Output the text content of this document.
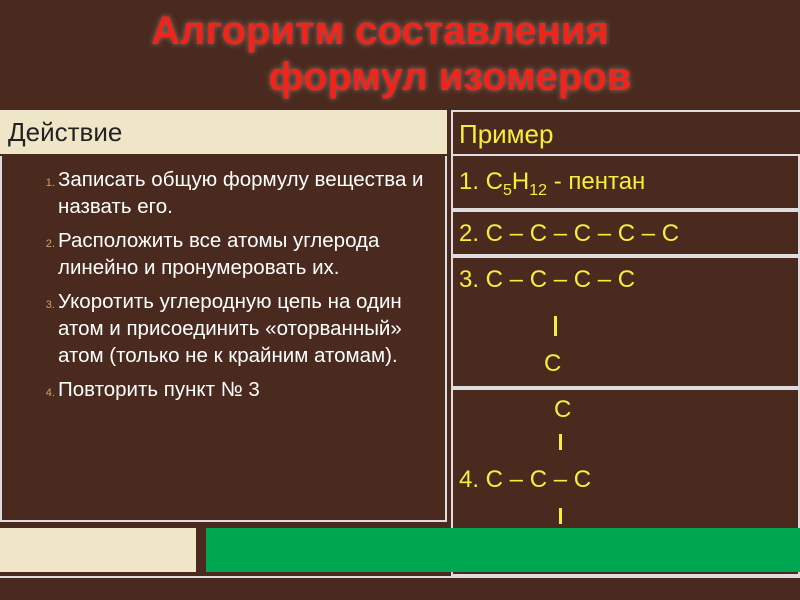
Алгоритм составления
формул изомеров
Действие	Пример
1. Записать общую формулу вещества и назвать его.
2. Расположить все атомы углерода линейно и пронумеровать их.
3. Укоротить углеродную цепь на один атом и присоединить «оторванный» атом (только не к крайним атомам).
4. Повторить пункт № 3
1. $С_5Н_{12}$ - пентан
2. С – С – С – С – С
3. С – С – С – С
С
С
4. С – С – С
